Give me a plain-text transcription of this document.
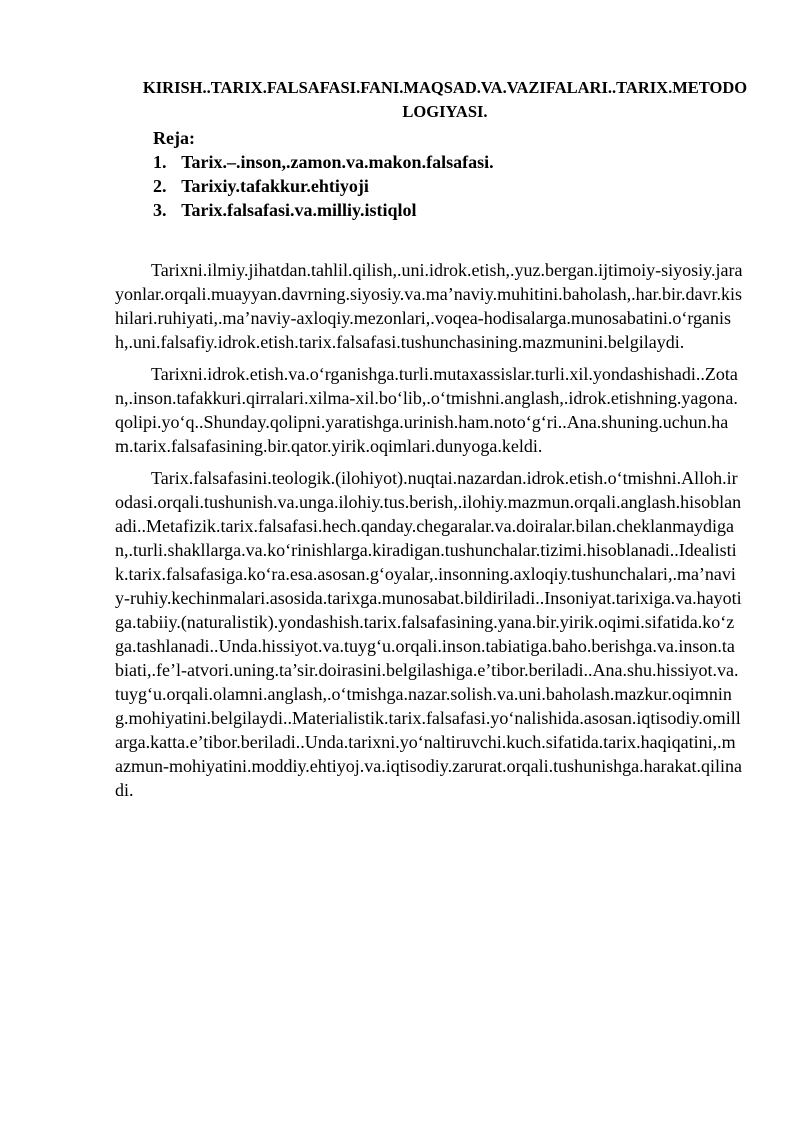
KIRISH..TARIX.FALSAFASI.FANI.MAQSAD.VA.VAZIFALARI..TARIX.METODOLOGIYASI.
Reja:
1. Tarix.–.inson,.zamon.va.makon.falsafasi.
2. Tarixiy.tafakkur.ehtiyoji
3. Tarix.falsafasi.va.milliy.istiqlol

Tarixni.ilmiy.jihatdan.tahlil.qilish,.uni.idrok.etish,.yuz.bergan.ijtimoiy-siyosiy.jarayonlar.orqali.muayyan.davrning.siyosiy.va.ma’naviy.muhitini.baholash,.har.bir.davr.kishilari.ruhiyati,.ma’naviy-axloqiy.mezonlari,.voqea-hodisalarga.munosabatini.o‘rganish,.uni.falsafiy.idrok.etish.tarix.falsafasi.tushunchasining.mazmunini.belgilaydi.

Tarixni.idrok.etish.va.o‘rganishga.turli.mutaxassislar.turli.xil.yondashishadi..Zotan,.inson.tafakkuri.qirralari.xilma-xil.bo‘lib,.o‘tmishni.anglash,.idrok.etishning.yagona.qolipi.yo‘q..Shunday.qolipni.yaratishga.urinish.ham.noto‘g‘ri..Ana.shuning.uchun.ham.tarix.falsafasining.bir.qator.yirik.oqimlari.dunyoga.keldi.

Tarix.falsafasini.teologik.(ilohiyot).nuqtai.nazardan.idrok.etish.o‘tmishni.Alloh.irodasi.orqali.tushunish.va.unga.ilohiy.tus.berish,.ilohiy.mazmun.orqali.anglash.hisoblanadi..Metafizik.tarix.falsafasi.hech.qanday.chegaralar.va.doiralar.bilan.cheklanmaydigan,.turli.shakllarga.va.ko‘rinishlarga.kiradigan.tushunchalar.tizimi.hisoblanadi..Idealistik.tarix.falsafasiga.ko‘ra.esa.asosan.g‘oyalar,.insonning.axloqiy.tushunchalari,.ma’naviy-ruhiy.kechinmalari.asosida.tarixga.munosabat.bildiriladi..Insoniyat.tarixiga.va.hayotiga.tabiiy.(naturalistik).yondashish.tarix.falsafasining.yana.bir.yirik.oqimi.sifatida.ko‘zga.tashlanadi..Unda.hissiyot.va.tuyg‘u.orqali.inson.tabiatiga.baho.berishga.va.inson.tabiati,.fe’l-atvori.uning.ta’sir.doirasini.belgilashiga.e’tibor.beriladi..Ana.shu.hissiyot.va.tuyg‘u.orqali.olamni.anglash,.o‘tmishga.nazar.solish.va.uni.baholash.mazkur.oqimning.mohiyatini.belgilaydi..Materialistik.tarix.falsafasi.yo‘nalishida.asosan.iqtisodiy.omillarga.katta.e’tibor.beriladi..Unda.tarixni.yo‘naltiruvchi.kuch.sifatida.tarix.haqiqatini,.mazmun-mohiyatini.moddiy.ehtiyoj.va.iqtisodiy.zarurat.orqali.tushunishga.harakat.qilinadi.
